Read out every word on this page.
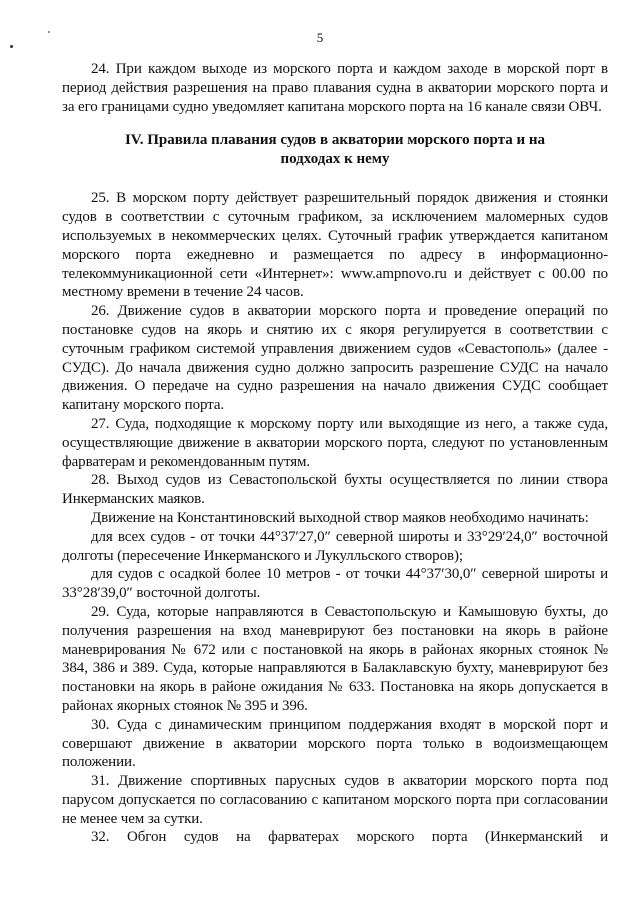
5

24. При каждом выходе из морского порта и каждом заходе в морской порт в период действия разрешения на право плавания судна в акватории морского порта и за его границами судно уведомляет капитана морского порта на 16 канале связи ОВЧ.

IV. Правила плавания судов в акватории морского порта и на
подходах к нему

25. В морском порту действует разрешительный порядок движения и стоянки судов в соответствии с суточным графиком, за исключением маломерных судов используемых в некоммерческих целях. Суточный график утверждается капитаном морского порта ежедневно и размещается по адресу в информационно-телекоммуникационной сети «Интернет»: www.ampnovo.ru и действует с 00.00 по местному времени в течение 24 часов.

26. Движение судов в акватории морского порта и проведение операций по постановке судов на якорь и снятию их с якоря регулируется в соответствии с суточным графиком системой управления движением судов «Севастополь» (далее - СУДС). До начала движения судно должно запросить разрешение СУДС на начало движения. О передаче на судно разрешения на начало движения СУДС сообщает капитану морского порта.

27. Суда, подходящие к морскому порту или выходящие из него, а также суда, осуществляющие движение в акватории морского порта, следуют по установленным фарватерам и рекомендованным путям.

28. Выход судов из Севастопольской бухты осуществляется по линии створа Инкерманских маяков.

Движение на Константиновский выходной створ маяков необходимо начинать:

для всех судов - от точки 44°37′27,0″ северной широты и 33°29′24,0″ восточной долготы (пересечение Инкерманского и Лукулльского створов);

для судов с осадкой более 10 метров - от точки 44°37′30,0″ северной широты и 33°28′39,0″ восточной долготы.

29. Суда, которые направляются в Севастопольскую и Камышовую бухты, до получения разрешения на вход маневрируют без постановки на якорь в районе маневрирования № 672 или с постановкой на якорь в районах якорных стоянок № 384, 386 и 389. Суда, которые направляются в Балаклавскую бухту, маневрируют без постановки на якорь в районе ожидания № 633. Постановка на якорь допускается в районах якорных стоянок № 395 и 396.

30. Суда с динамическим принципом поддержания входят в морской порт и совершают движение в акватории морского порта только в водоизмещающем положении.

31. Движение спортивных парусных судов в акватории морского порта под парусом допускается по согласованию с капитаном морского порта при согласовании не менее чем за сутки.

32. Обгон судов на фарватерах морского порта (Инкерманский и
